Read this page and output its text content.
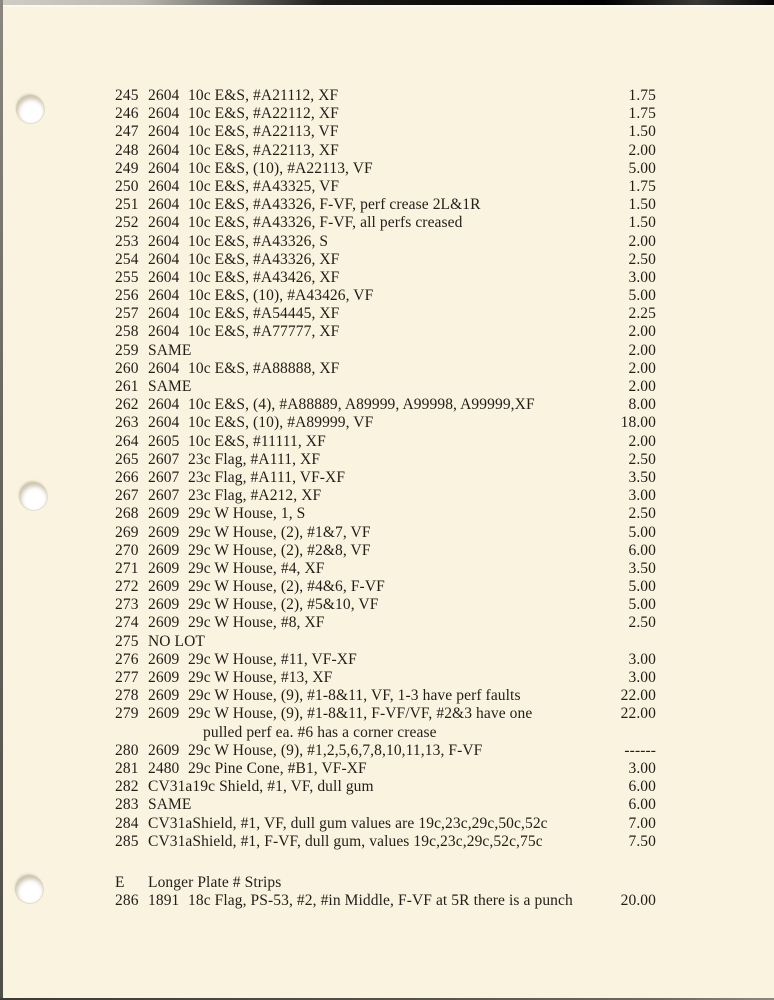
245 2604 10c E&S, #A21112, XF	1.75
246 2604 10c E&S, #A22112, XF	1.75
247 2604 10c E&S, #A22113, VF	1.50
248 2604 10c E&S, #A22113, XF	2.00
249 2604 10c E&S, (10), #A22113, VF	5.00
250 2604 10c E&S, #A43325, VF	1.75
251 2604 10c E&S, #A43326, F-VF, perf crease 2L&1R	1.50
252 2604 10c E&S, #A43326, F-VF, all perfs creased	1.50
253 2604 10c E&S, #A43326, S	2.00
254 2604 10c E&S, #A43326, XF	2.50
255 2604 10c E&S, #A43426, XF	3.00
256 2604 10c E&S, (10), #A43426, VF	5.00
257 2604 10c E&S, #A54445, XF	2.25
258 2604 10c E&S, #A77777, XF	2.00
259 SAME	2.00
260 2604 10c E&S, #A88888, XF	2.00
261 SAME	2.00
262 2604 10c E&S, (4), #A88889, A89999, A99998, A99999,XF	8.00
263 2604 10c E&S, (10), #A89999, VF	18.00
264 2605 10c E&S, #11111, XF	2.00
265 2607 23c Flag, #A111, XF	2.50
266 2607 23c Flag, #A111, VF-XF	3.50
267 2607 23c Flag, #A212, XF	3.00
268 2609 29c W House, 1, S	2.50
269 2609 29c W House, (2), #1&7, VF	5.00
270 2609 29c W House, (2), #2&8, VF	6.00
271 2609 29c W House, #4, XF	3.50
272 2609 29c W House, (2), #4&6, F-VF	5.00
273 2609 29c W House, (2), #5&10, VF	5.00
274 2609 29c W House, #8, XF	2.50
275 NO LOT
276 2609 29c W House, #11, VF-XF	3.00
277 2609 29c W House, #13, XF	3.00
278 2609 29c W House, (9), #1-8&11, VF, 1-3 have perf faults	22.00
279 2609 29c W House, (9), #1-8&11, F-VF/VF, #2&3 have one	22.00
pulled perf ea. #6 has a corner crease
280 2609 29c W House, (9), #1,2,5,6,7,8,10,11,13, F-VF	------
281 2480 29c Pine Cone, #B1, VF-XF	3.00
282 CV31a 19c Shield, #1, VF, dull gum	6.00
283 SAME	6.00
284 CV31a Shield, #1, VF, dull gum values are 19c,23c,29c,50c,52c	7.00
285 CV31a Shield, #1, F-VF, dull gum, values 19c,23c,29c,52c,75c	7.50
E	Longer Plate # Strips
286 1891 18c Flag, PS-53, #2, #in Middle, F-VF at 5R there is a punch	20.00
